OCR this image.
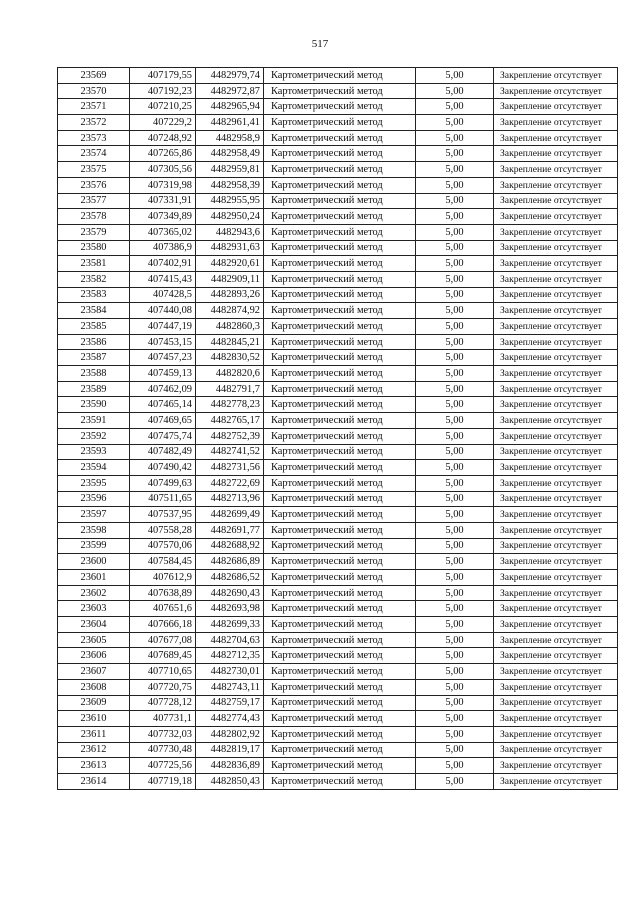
517
23569	407179,55	4482979,74	Картометрический метод	5,00	Закрепление отсутствует
23570	407192,23	4482972,87	Картометрический метод	5,00	Закрепление отсутствует
23571	407210,25	4482965,94	Картометрический метод	5,00	Закрепление отсутствует
23572	407229,2	4482961,41	Картометрический метод	5,00	Закрепление отсутствует
23573	407248,92	4482958,9	Картометрический метод	5,00	Закрепление отсутствует
23574	407265,86	4482958,49	Картометрический метод	5,00	Закрепление отсутствует
23575	407305,56	4482959,81	Картометрический метод	5,00	Закрепление отсутствует
23576	407319,98	4482958,39	Картометрический метод	5,00	Закрепление отсутствует
23577	407331,91	4482955,95	Картометрический метод	5,00	Закрепление отсутствует
23578	407349,89	4482950,24	Картометрический метод	5,00	Закрепление отсутствует
23579	407365,02	4482943,6	Картометрический метод	5,00	Закрепление отсутствует
23580	407386,9	4482931,63	Картометрический метод	5,00	Закрепление отсутствует
23581	407402,91	4482920,61	Картометрический метод	5,00	Закрепление отсутствует
23582	407415,43	4482909,11	Картометрический метод	5,00	Закрепление отсутствует
23583	407428,5	4482893,26	Картометрический метод	5,00	Закрепление отсутствует
23584	407440,08	4482874,92	Картометрический метод	5,00	Закрепление отсутствует
23585	407447,19	4482860,3	Картометрический метод	5,00	Закрепление отсутствует
23586	407453,15	4482845,21	Картометрический метод	5,00	Закрепление отсутствует
23587	407457,23	4482830,52	Картометрический метод	5,00	Закрепление отсутствует
23588	407459,13	4482820,6	Картометрический метод	5,00	Закрепление отсутствует
23589	407462,09	4482791,7	Картометрический метод	5,00	Закрепление отсутствует
23590	407465,14	4482778,23	Картометрический метод	5,00	Закрепление отсутствует
23591	407469,65	4482765,17	Картометрический метод	5,00	Закрепление отсутствует
23592	407475,74	4482752,39	Картометрический метод	5,00	Закрепление отсутствует
23593	407482,49	4482741,52	Картометрический метод	5,00	Закрепление отсутствует
23594	407490,42	4482731,56	Картометрический метод	5,00	Закрепление отсутствует
23595	407499,63	4482722,69	Картометрический метод	5,00	Закрепление отсутствует
23596	407511,65	4482713,96	Картометрический метод	5,00	Закрепление отсутствует
23597	407537,95	4482699,49	Картометрический метод	5,00	Закрепление отсутствует
23598	407558,28	4482691,77	Картометрический метод	5,00	Закрепление отсутствует
23599	407570,06	4482688,92	Картометрический метод	5,00	Закрепление отсутствует
23600	407584,45	4482686,89	Картометрический метод	5,00	Закрепление отсутствует
23601	407612,9	4482686,52	Картометрический метод	5,00	Закрепление отсутствует
23602	407638,89	4482690,43	Картометрический метод	5,00	Закрепление отсутствует
23603	407651,6	4482693,98	Картометрический метод	5,00	Закрепление отсутствует
23604	407666,18	4482699,33	Картометрический метод	5,00	Закрепление отсутствует
23605	407677,08	4482704,63	Картометрический метод	5,00	Закрепление отсутствует
23606	407689,45	4482712,35	Картометрический метод	5,00	Закрепление отсутствует
23607	407710,65	4482730,01	Картометрический метод	5,00	Закрепление отсутствует
23608	407720,75	4482743,11	Картометрический метод	5,00	Закрепление отсутствует
23609	407728,12	4482759,17	Картометрический метод	5,00	Закрепление отсутствует
23610	407731,1	4482774,43	Картометрический метод	5,00	Закрепление отсутствует
23611	407732,03	4482802,92	Картометрический метод	5,00	Закрепление отсутствует
23612	407730,48	4482819,17	Картометрический метод	5,00	Закрепление отсутствует
23613	407725,56	4482836,89	Картометрический метод	5,00	Закрепление отсутствует
23614	407719,18	4482850,43	Картометрический метод	5,00	Закрепление отсутствует
